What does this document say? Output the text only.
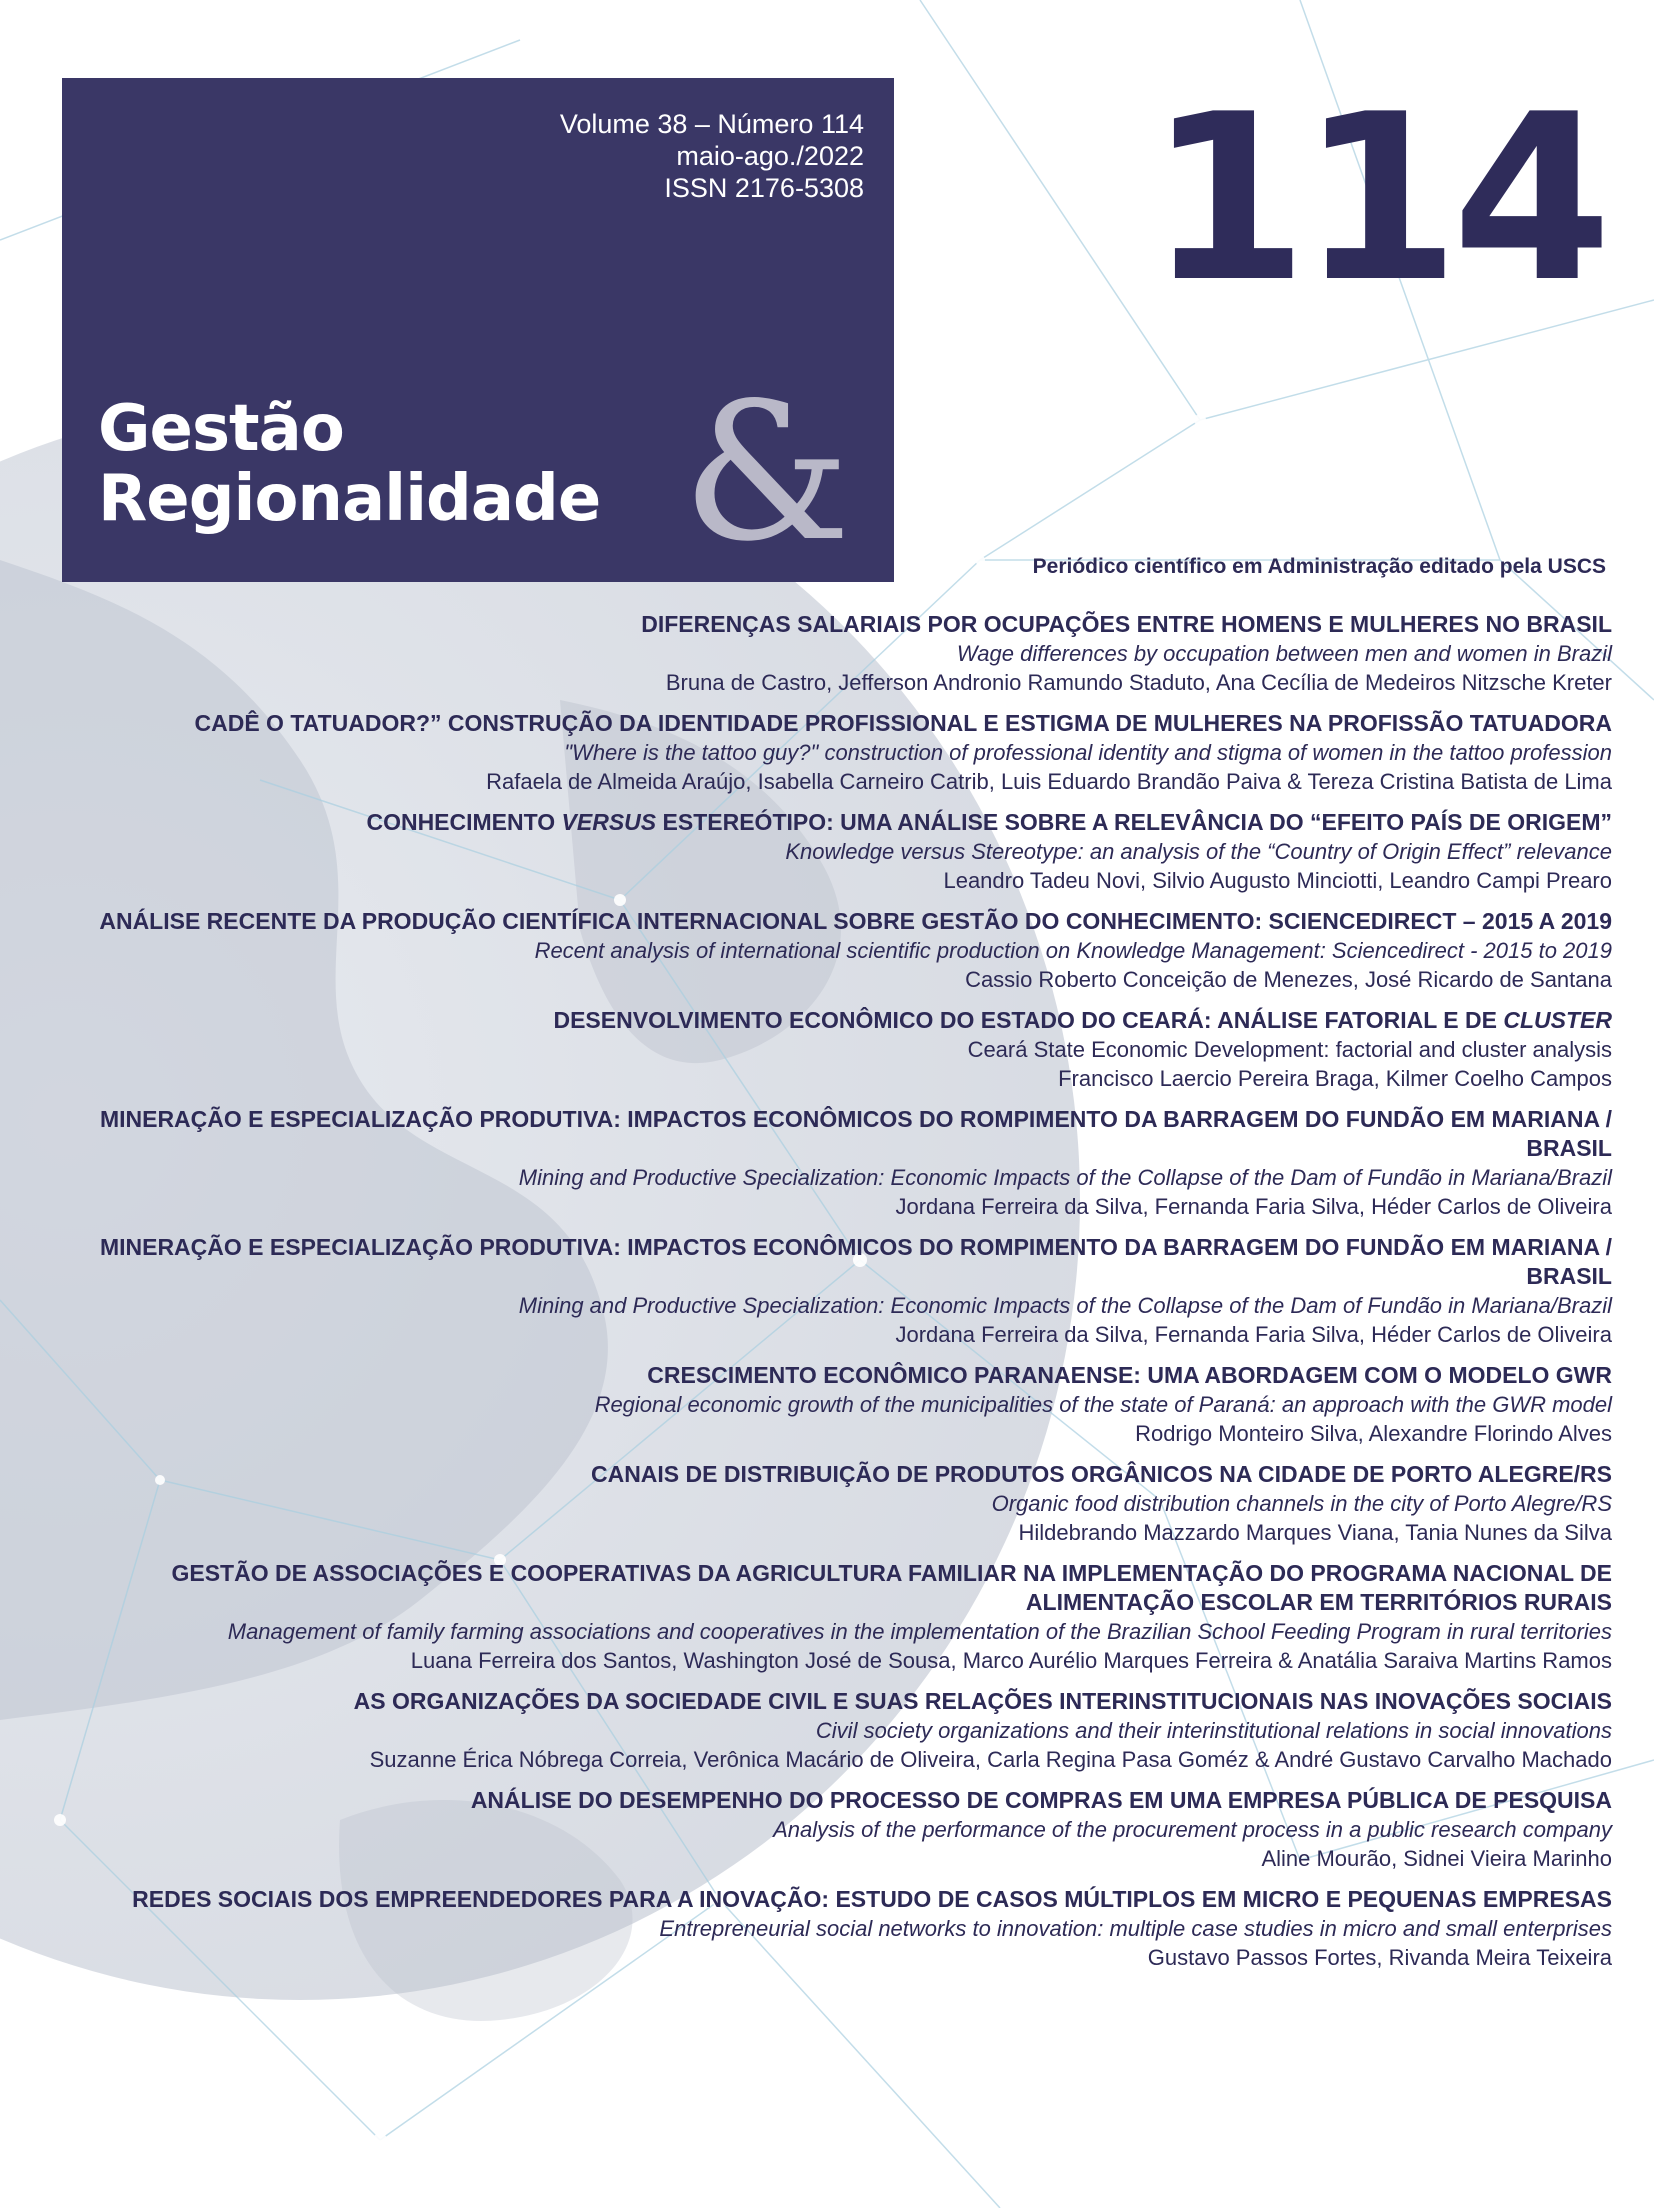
Volume 38 – Número 114
maio-ago./2022
ISSN 2176-5308
Gestão
Regionalidade &
114
Periódico científico em Administração editado pela USCS
DIFERENÇAS SALARIAIS POR OCUPAÇÕES ENTRE HOMENS E MULHERES NO BRASIL
Wage differences by occupation between men and women in Brazil
Bruna de Castro, Jefferson Andronio Ramundo Staduto, Ana Cecília de Medeiros Nitzsche Kreter
CADÊ O TATUADOR?” CONSTRUÇÃO DA IDENTIDADE PROFISSIONAL E ESTIGMA DE MULHERES NA PROFISSÃO TATUADORA
"Where is the tattoo guy?" construction of professional identity and stigma of women in the tattoo profession
Rafaela de Almeida Araújo, Isabella Carneiro Catrib, Luis Eduardo Brandão Paiva & Tereza Cristina Batista de Lima
CONHECIMENTO VERSUS ESTEREÓTIPO: UMA ANÁLISE SOBRE A RELEVÂNCIA DO “EFEITO PAÍS DE ORIGEM”
Knowledge versus Stereotype: an analysis of the “Country of Origin Effect” relevance
Leandro Tadeu Novi, Silvio Augusto Minciotti, Leandro Campi Prearo
ANÁLISE RECENTE DA PRODUÇÃO CIENTÍFICA INTERNACIONAL SOBRE GESTÃO DO CONHECIMENTO: SCIENCEDIRECT – 2015 A 2019
Recent analysis of international scientific production on Knowledge Management: Sciencedirect - 2015 to 2019
Cassio Roberto Conceição de Menezes, José Ricardo de Santana
DESENVOLVIMENTO ECONÔMICO DO ESTADO DO CEARÁ: ANÁLISE FATORIAL E DE CLUSTER
Ceará State Economic Development: factorial and cluster analysis
Francisco Laercio Pereira Braga, Kilmer Coelho Campos
MINERAÇÃO E ESPECIALIZAÇÃO PRODUTIVA: IMPACTOS ECONÔMICOS DO ROMPIMENTO DA BARRAGEM DO FUNDÃO EM MARIANA / BRASIL
Mining and Productive Specialization: Economic Impacts of the Collapse of the Dam of Fundão in Mariana/Brazil
Jordana Ferreira da Silva, Fernanda Faria Silva, Héder Carlos de Oliveira
MINERAÇÃO E ESPECIALIZAÇÃO PRODUTIVA: IMPACTOS ECONÔMICOS DO ROMPIMENTO DA BARRAGEM DO FUNDÃO EM MARIANA / BRASIL
Mining and Productive Specialization: Economic Impacts of the Collapse of the Dam of Fundão in Mariana/Brazil
Jordana Ferreira da Silva, Fernanda Faria Silva, Héder Carlos de Oliveira
CRESCIMENTO ECONÔMICO PARANAENSE: UMA ABORDAGEM COM O MODELO GWR
Regional economic growth of the municipalities of the state of Paraná: an approach with the GWR model
Rodrigo Monteiro Silva, Alexandre Florindo Alves
CANAIS DE DISTRIBUIÇÃO DE PRODUTOS ORGÂNICOS NA CIDADE DE PORTO ALEGRE/RS
Organic food distribution channels in the city of Porto Alegre/RS
Hildebrando Mazzardo Marques Viana, Tania Nunes da Silva
GESTÃO DE ASSOCIAÇÕES E COOPERATIVAS DA AGRICULTURA FAMILIAR NA IMPLEMENTAÇÃO DO PROGRAMA NACIONAL DE ALIMENTAÇÃO ESCOLAR EM TERRITÓRIOS RURAIS
Management of family farming associations and cooperatives in the implementation of the Brazilian School Feeding Program in rural territories
Luana Ferreira dos Santos, Washington José de Sousa, Marco Aurélio Marques Ferreira & Anatália Saraiva Martins Ramos
AS ORGANIZAÇÕES DA SOCIEDADE CIVIL E SUAS RELAÇÕES INTERINSTITUCIONAIS NAS INOVAÇÕES SOCIAIS
Civil society organizations and their interinstitutional relations in social innovations
Suzanne Érica Nóbrega Correia, Verônica Macário de Oliveira, Carla Regina Pasa Goméz & André Gustavo Carvalho Machado
ANÁLISE DO DESEMPENHO DO PROCESSO DE COMPRAS EM UMA EMPRESA PÚBLICA DE PESQUISA
Analysis of the performance of the procurement process in a public research company
Aline Mourão, Sidnei Vieira Marinho
REDES SOCIAIS DOS EMPREENDEDORES PARA A INOVAÇÃO: ESTUDO DE CASOS MÚLTIPLOS EM MICRO E PEQUENAS EMPRESAS
Entrepreneurial social networks to innovation: multiple case studies in micro and small enterprises
Gustavo Passos Fortes, Rivanda Meira Teixeira
